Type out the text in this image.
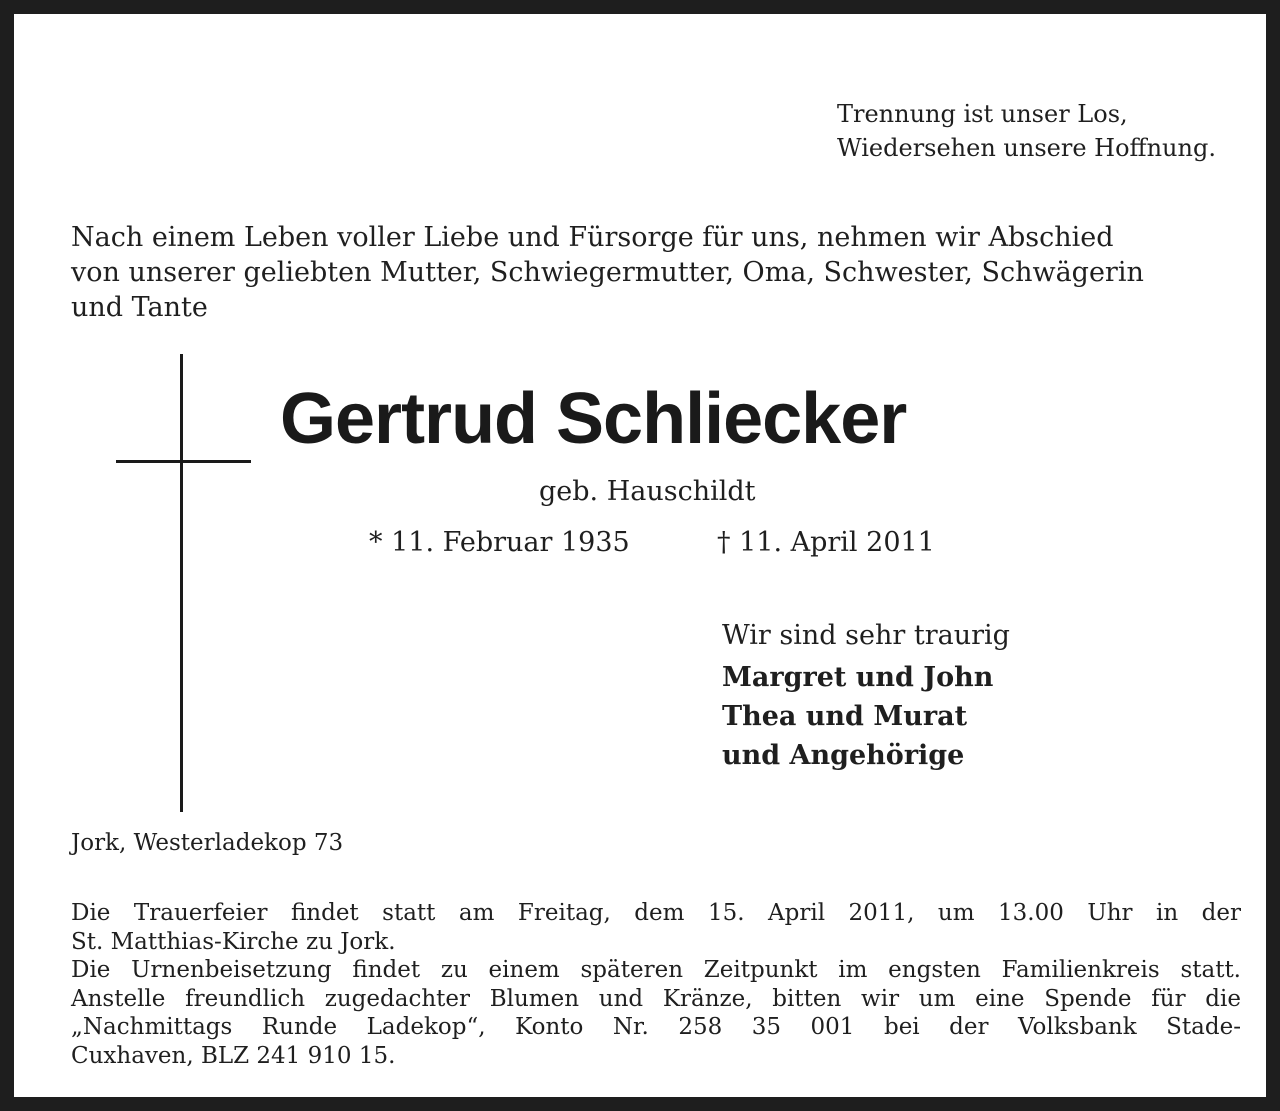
Trennung ist unser Los,
Wiedersehen unsere Hoffnung.
Nach einem Leben voller Liebe und Fürsorge für uns, nehmen wir Abschied
von unserer geliebten Mutter, Schwiegermutter, Oma, Schwester, Schwägerin
und Tante
Gertrud Schliecker
geb. Hauschildt
* 11. Februar 1935	† 11. April 2011
Wir sind sehr traurig
Margret und John
Thea und Murat
und Angehörige
Jork, Westerladekop 73
Die Trauerfeier findet statt am Freitag, dem 15. April 2011, um 13.00 Uhr in der
St. Matthias-Kirche zu Jork.
Die Urnenbeisetzung findet zu einem späteren Zeitpunkt im engsten Familienkreis statt.
Anstelle freundlich zugedachter Blumen und Kränze, bitten wir um eine Spende für die
„Nachmittags Runde Ladekop“, Konto Nr. 258 35 001 bei der Volksbank Stade-
Cuxhaven, BLZ 241 910 15.
